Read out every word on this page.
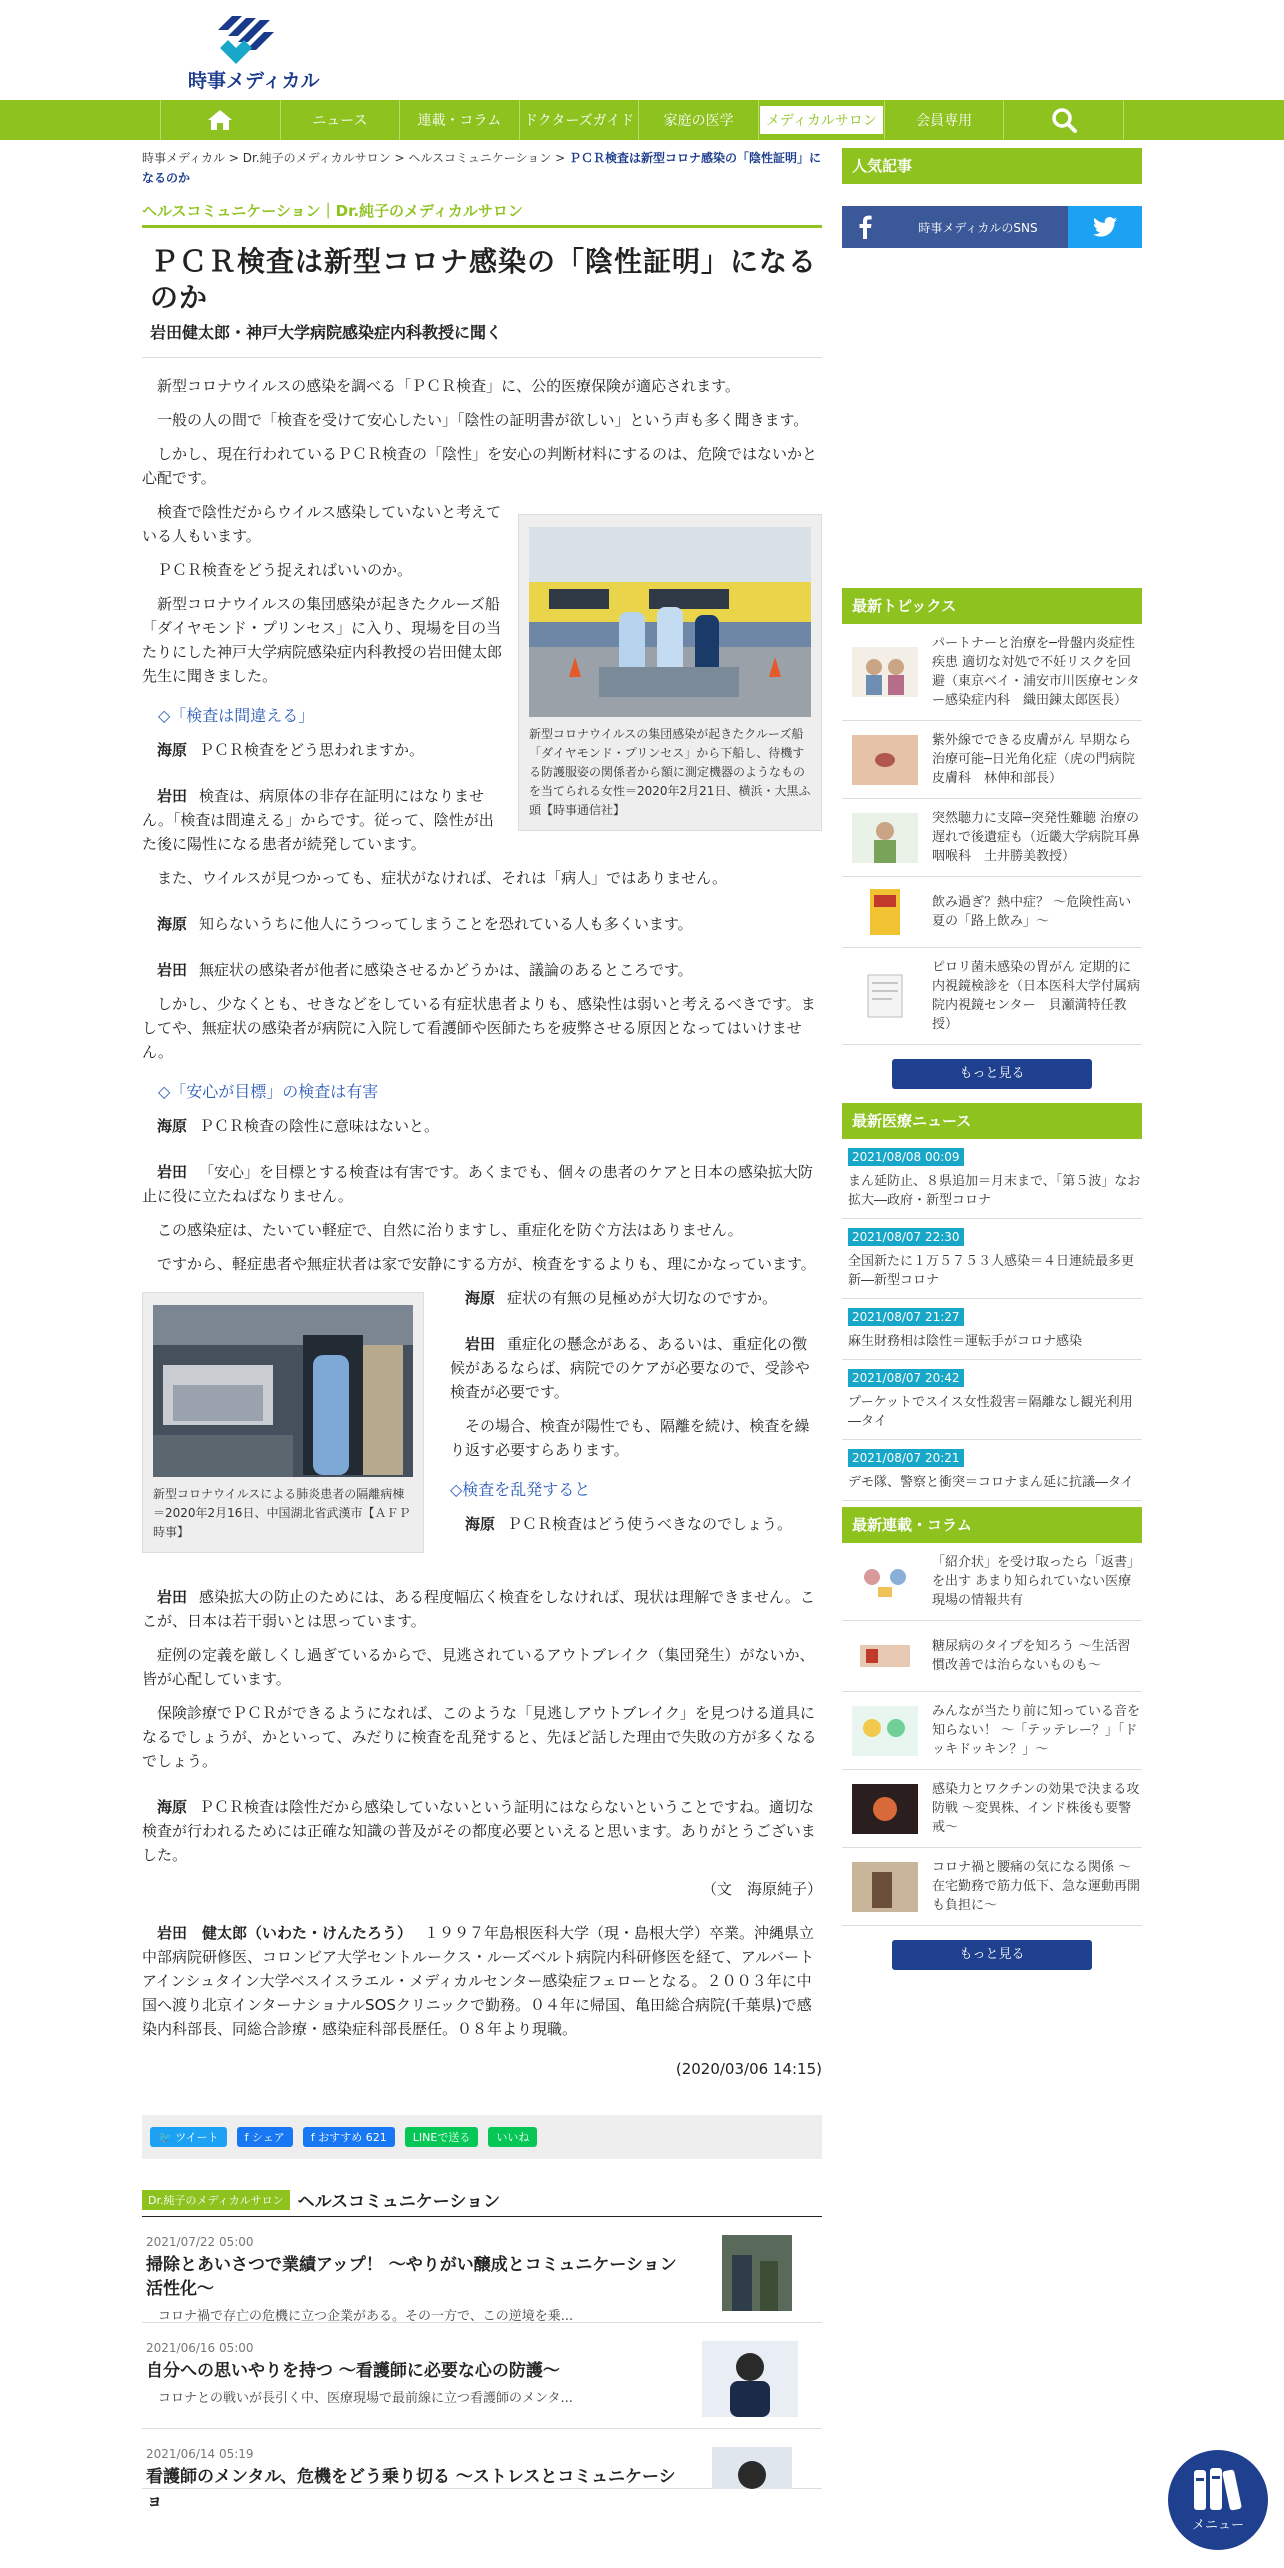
時事メディカル
ニュース	連載・コラム ドクターズガイド 家庭の医学	メディカルサロン	会員専用
時事メディカル > Dr.純子のメディカルサロン > ヘルスコミュニケーション > ＰＣＲ検査は新型コロナ感染の「陰性証明」になるのか
ヘルスコミュニケーション｜Dr.純子のメディカルサロン
ＰＣＲ検査は新型コロナ感染の「陰性証明」になるのか
岩田健太郎・神戸大学病院感染症内科教授に聞く

新型コロナウイルスの感染を調べる「ＰＣＲ検査」に、公的医療保険が適応されます。

一般の人の間で「検査を受けて安心したい」「陰性の証明書が欲しい」という声も多く聞きます。

しかし、現在行われているＰＣＲ検査の「陰性」を安心の判断材料にするのは、危険ではないかと心配です。

新型コロナウイルスの集団感染が起きたクルーズ船「ダイヤモンド・プリンセス」から下船し、待機する防護服姿の関係者から額に測定機器のようなものを当てられる女性＝2020年2月21日、横浜・大黒ふ頭【時事通信社】

検査で陰性だからウイルス感染していないと考えている人もいます。

ＰＣＲ検査をどう捉えればいいのか。

新型コロナウイルスの集団感染が起きたクルーズ船「ダイヤモンド・プリンセス」に入り、現場を目の当たりにした神戸大学病院感染症内科教授の岩田健太郎先生に聞きました。

◇「検査は間違える」
海原 ＰＣＲ検査をどう思われますか。
岩田 検査は、病原体の非存在証明にはなりません。「検査は間違える」からです。従って、陰性が出た後に陽性になる患者が続発しています。

また、ウイルスが見つかっても、症状がなければ、それは「病人」ではありません。

海原 知らないうちに他人にうつってしまうことを恐れている人も多くいます。
岩田 無症状の感染者が他者に感染させるかどうかは、議論のあるところです。

しかし、少なくとも、せきなどをしている有症状患者よりも、感染性は弱いと考えるべきです。ましてや、無症状の感染者が病院に入院して看護師や医師たちを疲弊させる原因となってはいけません。

◇「安心が目標」の検査は有害
海原 ＰＣＲ検査の陰性に意味はないと。
岩田 「安心」を目標とする検査は有害です。あくまでも、個々の患者のケアと日本の感染拡大防止に役に立たねばなりません。

この感染症は、たいてい軽症で、自然に治りますし、重症化を防ぐ方法はありません。

ですから、軽症患者や無症状者は家で安静にする方が、検査をするよりも、理にかなっています。

新型コロナウイルスによる肺炎患者の隔離病棟＝2020年2月16日、中国湖北省武漢市【ＡＦＰ時事】
海原 症状の有無の見極めが大切なのですか。
岩田 重症化の懸念がある、あるいは、重症化の徴候があるならば、病院でのケアが必要なので、受診や検査が必要です。

その場合、検査が陽性でも、隔離を続け、検査を繰り返す必要すらあります。

◇検査を乱発すると
海原 ＰＣＲ検査はどう使うべきなのでしょう。
岩田 感染拡大の防止のためには、ある程度幅広く検査をしなければ、現状は理解できません。ここが、日本は若干弱いとは思っています。

症例の定義を厳しくし過ぎているからで、見逃されているアウトブレイク（集団発生）がないか、皆が心配しています。

保険診療でＰＣＲができるようになれば、このような「見逃しアウトブレイク」を見つける道具になるでしょうが、かといって、みだりに検査を乱発すると、先ほど話した理由で失敗の方が多くなるでしょう。

海原 ＰＣＲ検査は陰性だから感染していないという証明にはならないということですね。適切な検査が行われるためには正確な知識の普及がその都度必要といえると思います。ありがとうございました。
（文　海原純子）
岩田　健太郎（いわた・けんたろう） １９９７年島根医科大学（現・島根大学）卒業。沖縄県立中部病院研修医、コロンビア大学セントルークス・ルーズベルト病院内科研修医を経て、アルバートアインシュタイン大学ベスイスラエル・メディカルセンター感染症フェローとなる。２００３年に中国へ渡り北京インターナショナルSOSクリニックで勤務。０４年に帰国、亀田総合病院(千葉県)で感染内科部長、同総合診療・感染症科部長歴任。０８年より現職。
(2020/03/06 14:15)
🐦 ツイート f シェア f おすすめ 621 LINEで送る いいね
Dr.純子のメディカルサロン ヘルスコミュニケーション
2021/07/22 05:00
掃除とあいさつで業績アップ！ ～やりがい醸成とコミュニケーション活性化～
コロナ禍で存亡の危機に立つ企業がある。その一方で、この逆境を乗...
2021/06/16 05:00
自分への思いやりを持つ ～看護師に必要な心の防護～
コロナとの戦いが長引く中、医療現場で最前線に立つ看護師のメンタ...
2021/06/14 05:19
看護師のメンタル、危機をどう乗り切る ～ストレスとコミュニケーショ
人気記事
時事メディカルのSNS
最新トピックス
パートナーと治療を─骨盤内炎症性疾患 適切な対処で不妊リスクを回避（東京ベイ・浦安市川医療センター感染症内科　織田錬太郎医長）
紫外線でできる皮膚がん 早期なら治療可能─日光角化症（虎の門病院皮膚科　林伸和部長）
突然聴力に支障─突発性難聴 治療の遅れで後遺症も（近畿大学病院耳鼻咽喉科　土井勝美教授）
飲み過ぎ？熱中症？ ～危険性高い夏の「路上飲み」～
ピロリ菌未感染の胃がん 定期的に内視鏡検診を（日本医科大学付属病院内視鏡センター　貝瀬満特任教授）
もっと見る
最新医療ニュース
2021/08/08 00:09
まん延防止、８県追加＝月末まで、「第５波」なお拡大―政府・新型コロナ
2021/08/07 22:30
全国新たに１万５７５３人感染＝４日連続最多更新―新型コロナ
2021/08/07 21:27
麻生財務相は陰性＝運転手がコロナ感染
2021/08/07 20:42
プーケットでスイス女性殺害＝隔離なし観光利用―タイ
2021/08/07 20:21
デモ隊、警察と衝突＝コロナまん延に抗議―タイ
最新連載・コラム
「紹介状」を受け取ったら「返書」を出す あまり知られていない医療現場の情報共有
糖尿病のタイプを知ろう ～生活習慣改善では治らないものも～
みんなが当たり前に知っている音を知らない！ ～「テッテレー？」「ドッキドッキン？」～
感染力とワクチンの効果で決まる攻防戦 ～変異株、インド株後も要警戒～
コロナ禍と腰痛の気になる関係 ～在宅勤務で筋力低下、急な運動再開も負担に～
もっと見る
メニュー
